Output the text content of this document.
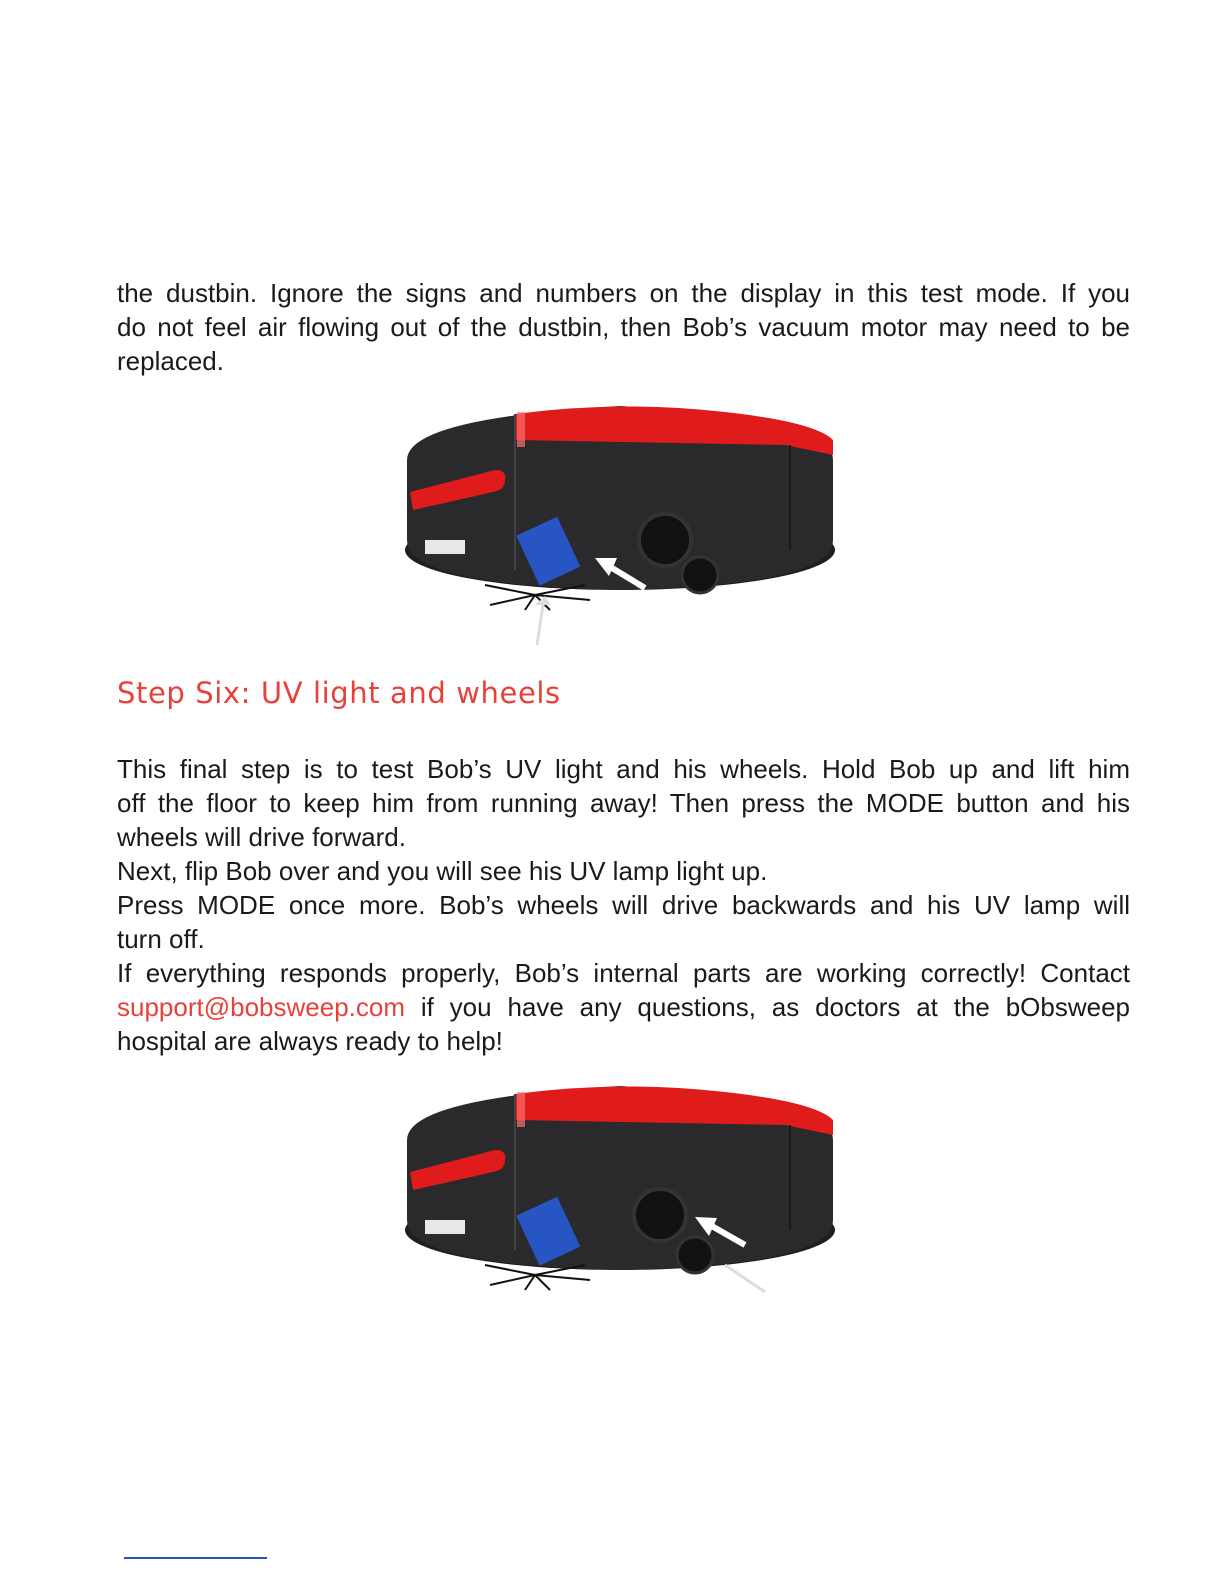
the dustbin. Ignore the signs and numbers on the display in this test mode. If you
do not feel air flowing out of the dustbin, then Bob’s vacuum motor may need to be
replaced.
Step Six: UV light and wheels
This final step is to test Bob’s UV light and his wheels. Hold Bob up and lift him
off the floor to keep him from running away! Then press the MODE button and his
wheels will drive forward.
Next, flip Bob over and you will see his UV lamp light up.
Press MODE once more. Bob’s wheels will drive backwards and his UV lamp will
turn off.
If everything responds properly, Bob’s internal parts are working correctly! Contact
support@bobsweep.com if you have any questions, as doctors at the bObsweep
hospital are always ready to help!
